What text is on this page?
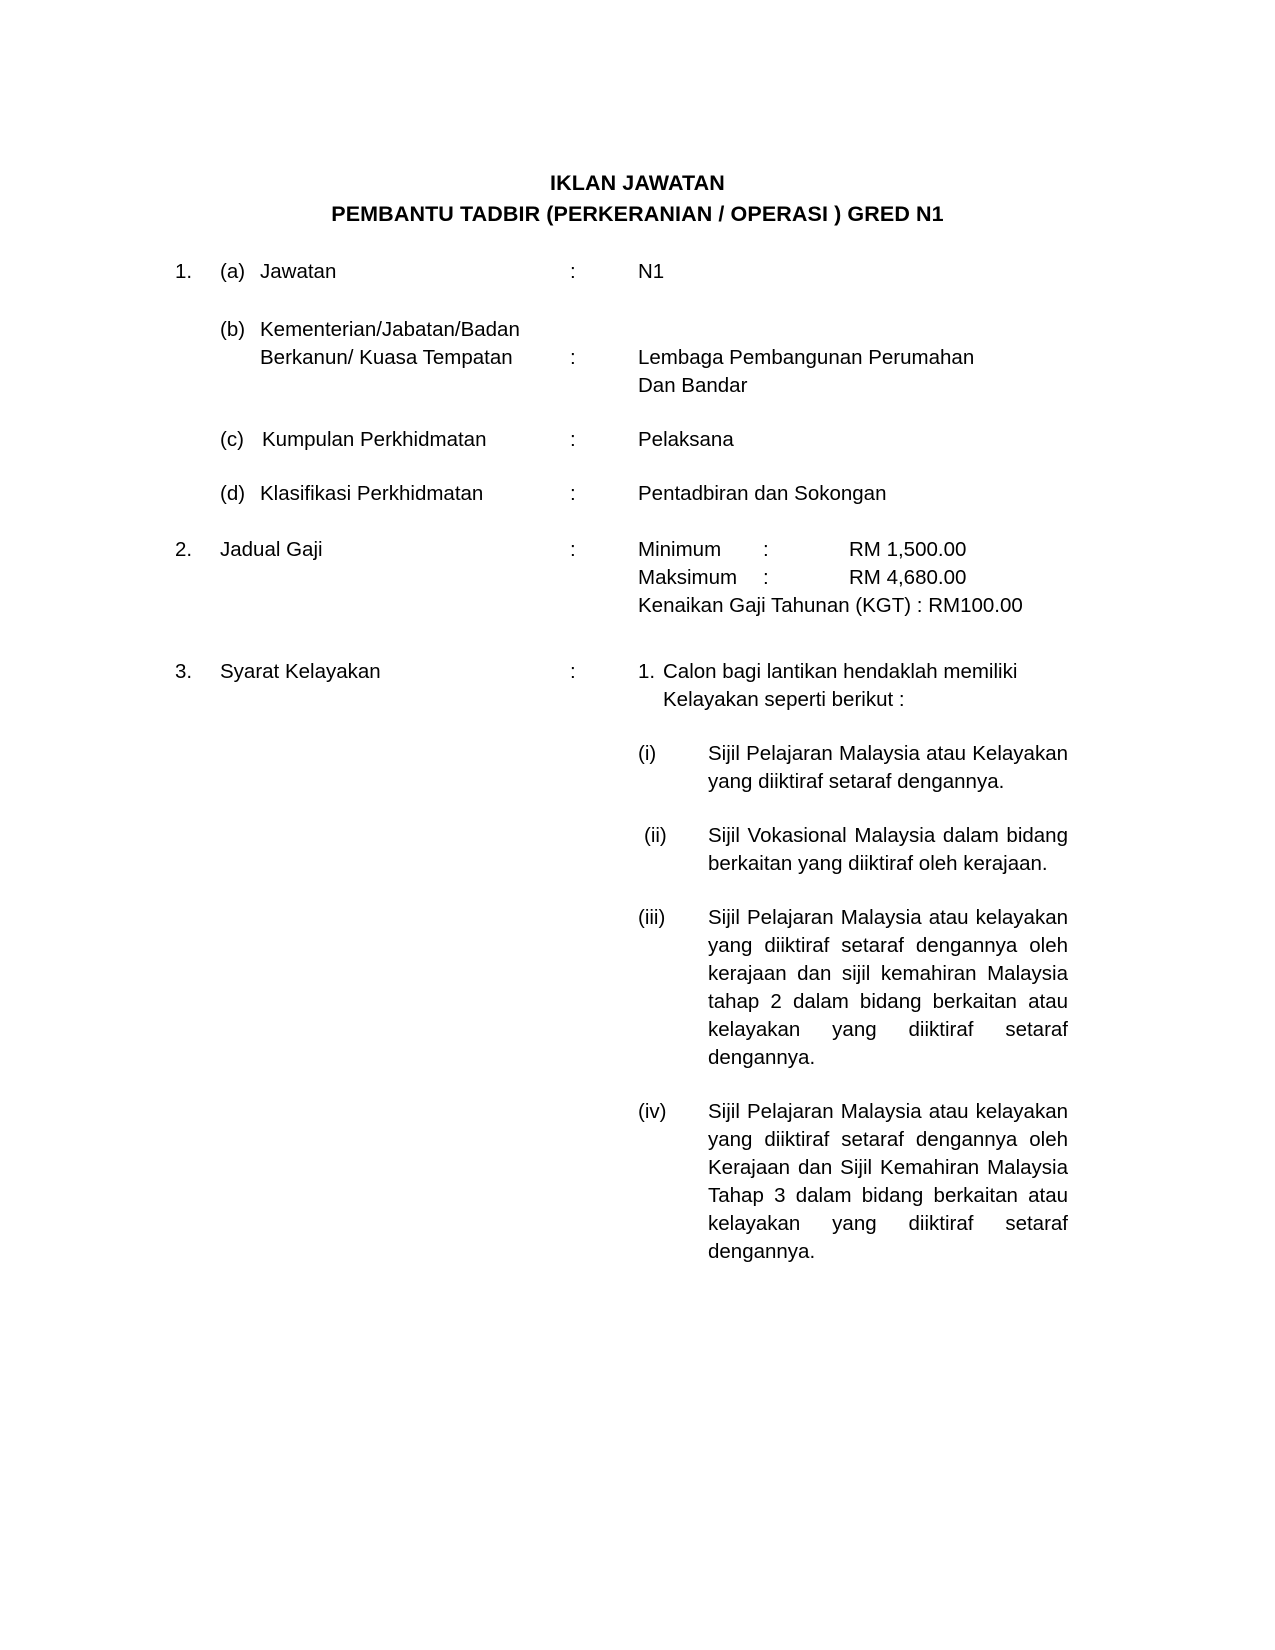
IKLAN JAWATAN
PEMBANTU TADBIR (PERKERANIAN / OPERASI ) GRED N1
1.	(a) Jawatan	:	N1
(b) Kementerian/Jabatan/Badan
Berkanun/ Kuasa Tempatan	:	Lembaga Pembangunan Perumahan
Dan Bandar
(c) Kumpulan Perkhidmatan	:	Pelaksana
(d) Klasifikasi Perkhidmatan	:	Pentadbiran dan Sokongan
2.	Jadual Gaji	:	Minimum	:	RM 1,500.00
Maksimum	:	RM 4,680.00
Kenaikan Gaji Tahunan (KGT) : RM100.00
3.	Syarat Kelayakan	:	1. Calon bagi lantikan hendaklah memiliki
Kelayakan seperti berikut :
(i)	Sijil Pelajaran Malaysia atau Kelayakan yang diiktiraf setaraf dengannya.
(ii)	Sijil Vokasional Malaysia dalam bidang berkaitan yang diiktiraf oleh kerajaan.
(iii)	Sijil Pelajaran Malaysia atau kelayakan yang diiktiraf setaraf dengannya oleh kerajaan dan sijil kemahiran Malaysia tahap 2 dalam bidang berkaitan atau kelayakan yang diiktiraf setaraf dengannya.
(iv)	Sijil Pelajaran Malaysia atau kelayakan yang diiktiraf setaraf dengannya oleh Kerajaan dan Sijil Kemahiran Malaysia Tahap 3 dalam bidang berkaitan atau kelayakan yang diiktiraf setaraf dengannya.
